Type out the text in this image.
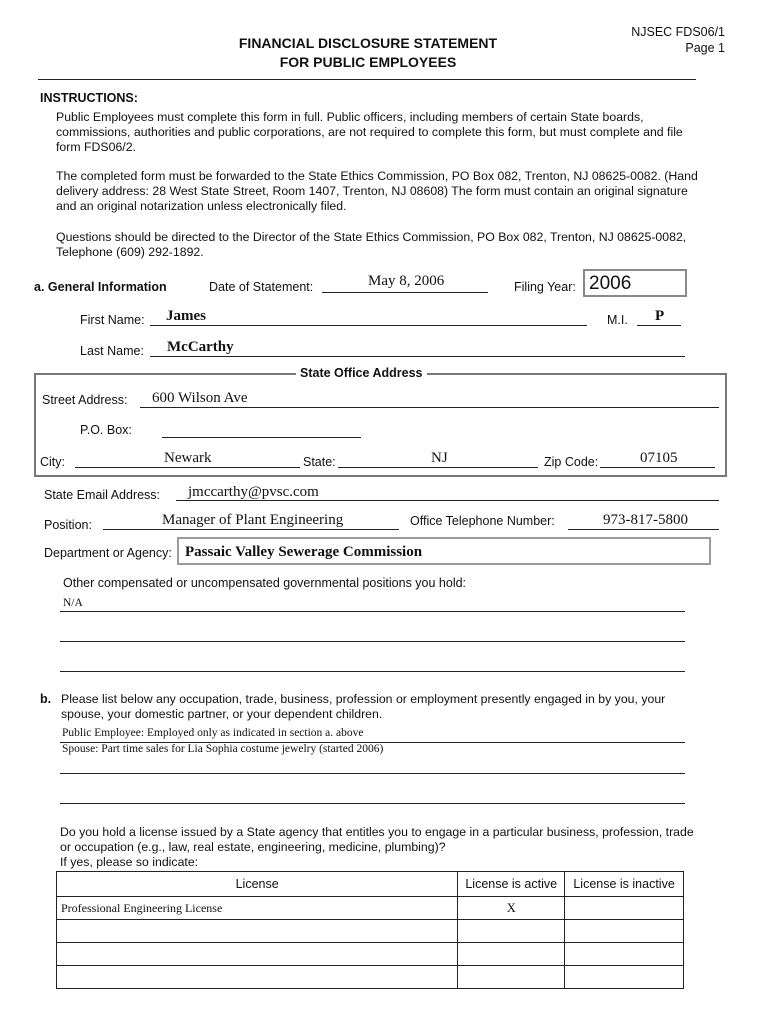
FINANCIAL DISCLOSURE STATEMENT
FOR PUBLIC EMPLOYEES
NJSEC FDS06/1
Page 1
INSTRUCTIONS:
Public Employees must complete this form in full. Public officers, including members of certain State boards, commissions, authorities and public corporations, are not required to complete this form, but must complete and file form FDS06/2.
The completed form must be forwarded to the State Ethics Commission, PO Box 082, Trenton, NJ 08625-0082. (Hand delivery address: 28 West State Street, Room 1407, Trenton, NJ 08608) The form must contain an original signature and an original notarization unless electronically filed.
Questions should be directed to the Director of the State Ethics Commission, PO Box 082, Trenton, NJ 08625-0082, Telephone (609) 292-1892.
a. General Information	Date of Statement:	May 8, 2006	Filing Year: 2006
First Name: James	M.I. P
Last Name: McCarthy
State Office Address
Street Address: 600 Wilson Ave
P.O. Box:
City:	Newark	State:	NJ	Zip Code:	07105
State Email Address: jmccarthy@pvsc.com
Position:	Manager of Plant Engineering	Office Telephone Number:	973-817-5800
Department or Agency: Passaic Valley Sewerage Commission
Other compensated or uncompensated governmental positions you hold:
N/A
b. Please list below any occupation, trade, business, profession or employment presently engaged in by you, your spouse, your domestic partner, or your dependent children.
Public Employee: Employed only as indicated in section a. above
Spouse: Part time sales for Lia Sophia costume jewelry (started 2006)
Do you hold a license issued by a State agency that entitles you to engage in a particular business, profession, trade or occupation (e.g., law, real estate, engineering, medicine, plumbing)?
If yes, please so indicate:
License	License is active	License is inactive
Professional Engineering License	X	
